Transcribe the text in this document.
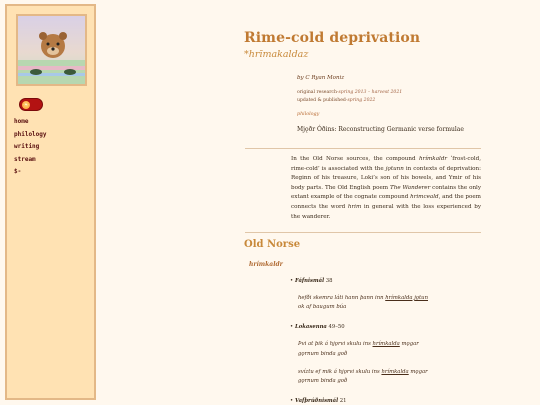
☀
home
philology
writing
stream
$-
Rime-cold deprivation
*hrīmakaldaz
by C Ryan Moniz
original research·spring 2013 – harvest 2021
updated & published·spring 2022
philology
Mjǫðr Óðins: Reconstructing Germanic verse formulae

In the Old Norse sources, the compound hrímkaldr ‘frost-cold, rime-cold’ is associated with the jǫtunn in contexts of deprivation: Reginn of his treasure, Loki’s son of his bowels, and Ymir of his body parts. The Old English poem The Wanderer contains the only extant example of the cognate compound hrimceald, and the poem connects the word hrim in general with the loss experienced by the wanderer.

Old Norse
hrímkaldr
• Fáfnismál 38
hefði skemra láti hann þann inn hrímkalda jǫtun
ok af baugum búa
• Lokasenna 49–50
Þvi at þik á hjǫrvi skulu ins hrímkalda mǫgar
gǫrnum binda goð
svíztu ef mik á hjǫrvi skulu ins hrímkalda mǫgar
gǫrnum binda goð
• Vafþrúðnismál 21
